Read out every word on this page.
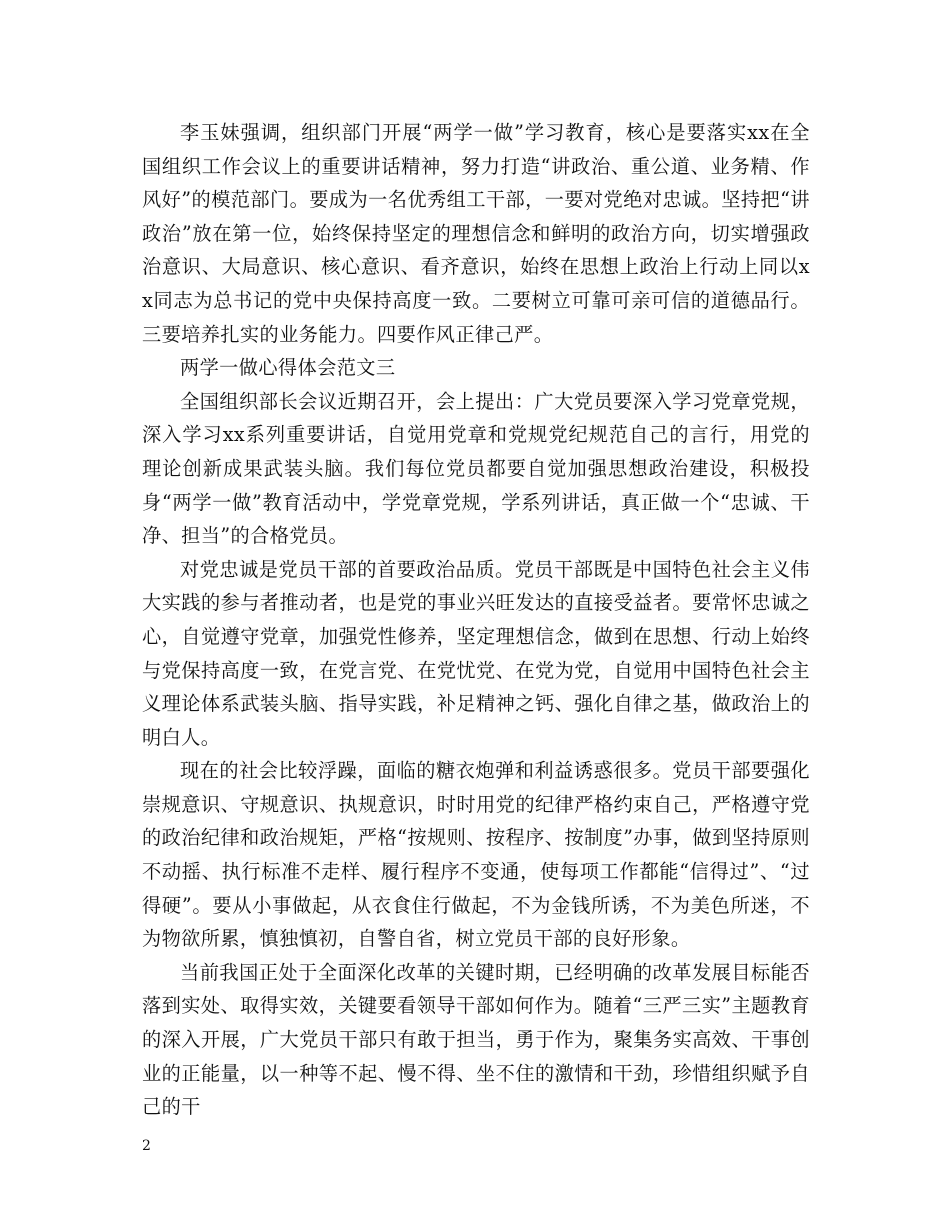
李玉妹强调，组织部门开展“两学一做”学习教育，核心是要落实xx在全国组织工作会议上的重要讲话精神，努力打造“讲政治、重公道、业务精、作风好”的模范部门。要成为一名优秀组工干部，一要对党绝对忠诚。坚持把“讲政治”放在第一位，始终保持坚定的理想信念和鲜明的政治方向，切实增强政治意识、大局意识、核心意识、看齐意识，始终在思想上政治上行动上同以xx同志为总书记的党中央保持高度一致。二要树立可靠可亲可信的道德品行。三要培养扎实的业务能力。四要作风正律己严。

两学一做心得体会范文三

全国组织部长会议近期召开，会上提出：广大党员要深入学习党章党规，深入学习xx系列重要讲话，自觉用党章和党规党纪规范自己的言行，用党的理论创新成果武装头脑。我们每位党员都要自觉加强思想政治建设，积极投身“两学一做”教育活动中，学党章党规，学系列讲话，真正做一个“忠诚、干净、担当”的合格党员。

对党忠诚是党员干部的首要政治品质。党员干部既是中国特色社会主义伟大实践的参与者推动者，也是党的事业兴旺发达的直接受益者。要常怀忠诚之心，自觉遵守党章，加强党性修养，坚定理想信念，做到在思想、行动上始终与党保持高度一致，在党言党、在党忧党、在党为党，自觉用中国特色社会主义理论体系武装头脑、指导实践，补足精神之钙、强化自律之基，做政治上的明白人。

现在的社会比较浮躁，面临的糖衣炮弹和利益诱惑很多。党员干部要强化崇规意识、守规意识、执规意识，时时用党的纪律严格约束自己，严格遵守党的政治纪律和政治规矩，严格“按规则、按程序、按制度”办事，做到坚持原则不动摇、执行标准不走样、履行程序不变通，使每项工作都能“信得过”、“过得硬”。要从小事做起，从衣食住行做起，不为金钱所诱，不为美色所迷，不为物欲所累，慎独慎初，自警自省，树立党员干部的良好形象。

当前我国正处于全面深化改革的关键时期，已经明确的改革发展目标能否落到实处、取得实效，关键要看领导干部如何作为。随着“三严三实”主题教育的深入开展，广大党员干部只有敢于担当，勇于作为，聚集务实高效、干事创业的正能量，以一种等不起、慢不得、坐不住的激情和干劲，珍惜组织赋予自己的干

2
